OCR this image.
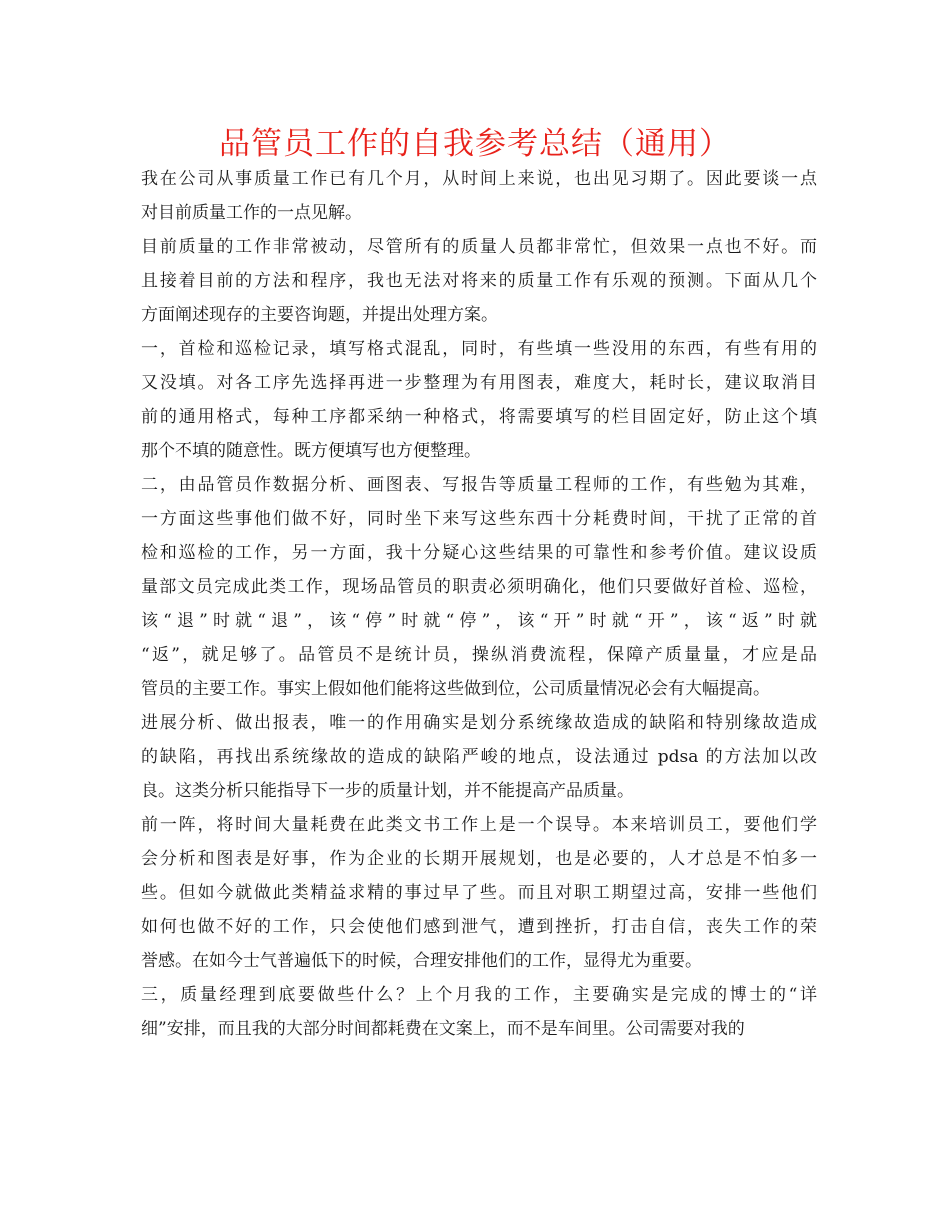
品管员工作的自我参考总结（通用）
我在公司从事质量工作已有几个月，从时间上来说，也出见习期了。因此要谈一点
对目前质量工作的一点见解。
目前质量的工作非常被动，尽管所有的质量人员都非常忙，但效果一点也不好。而
且接着目前的方法和程序，我也无法对将来的质量工作有乐观的预测。下面从几个
方面阐述现存的主要咨询题，并提出处理方案。
一，首检和巡检记录，填写格式混乱，同时，有些填一些没用的东西，有些有用的
又没填。对各工序先选择再进一步整理为有用图表，难度大，耗时长，建议取消目
前的通用格式，每种工序都采纳一种格式，将需要填写的栏目固定好，防止这个填
那个不填的随意性。既方便填写也方便整理。
二，由品管员作数据分析、画图表、写报告等质量工程师的工作，有些勉为其难，
一方面这些事他们做不好，同时坐下来写这些东西十分耗费时间，干扰了正常的首
检和巡检的工作，另一方面，我十分疑心这些结果的可靠性和参考价值。建议设质
量部文员完成此类工作，现场品管员的职责必须明确化，他们只要做好首检、巡检，
该“退”时就“退”，该“停”时就“停”，该“开”时就“开”，该“返”时就
“返”，就足够了。品管员不是统计员，操纵消费流程，保障产质量量，才应是品
管员的主要工作。事实上假如他们能将这些做到位，公司质量情况必会有大幅提高。
进展分析、做出报表，唯一的作用确实是划分系统缘故造成的缺陷和特别缘故造成
的缺陷，再找出系统缘故的造成的缺陷严峻的地点，设法通过 pdsa 的方法加以改
良。这类分析只能指导下一步的质量计划，并不能提高产品质量。
前一阵，将时间大量耗费在此类文书工作上是一个误导。本来培训员工，要他们学
会分析和图表是好事，作为企业的长期开展规划，也是必要的，人才总是不怕多一
些。但如今就做此类精益求精的事过早了些。而且对职工期望过高，安排一些他们
如何也做不好的工作，只会使他们感到泄气，遭到挫折，打击自信，丧失工作的荣
誉感。在如今士气普遍低下的时候，合理安排他们的工作，显得尤为重要。
三，质量经理到底要做些什么？上个月我的工作，主要确实是完成的博士的“详
细”安排，而且我的大部分时间都耗费在文案上，而不是车间里。公司需要对我的
